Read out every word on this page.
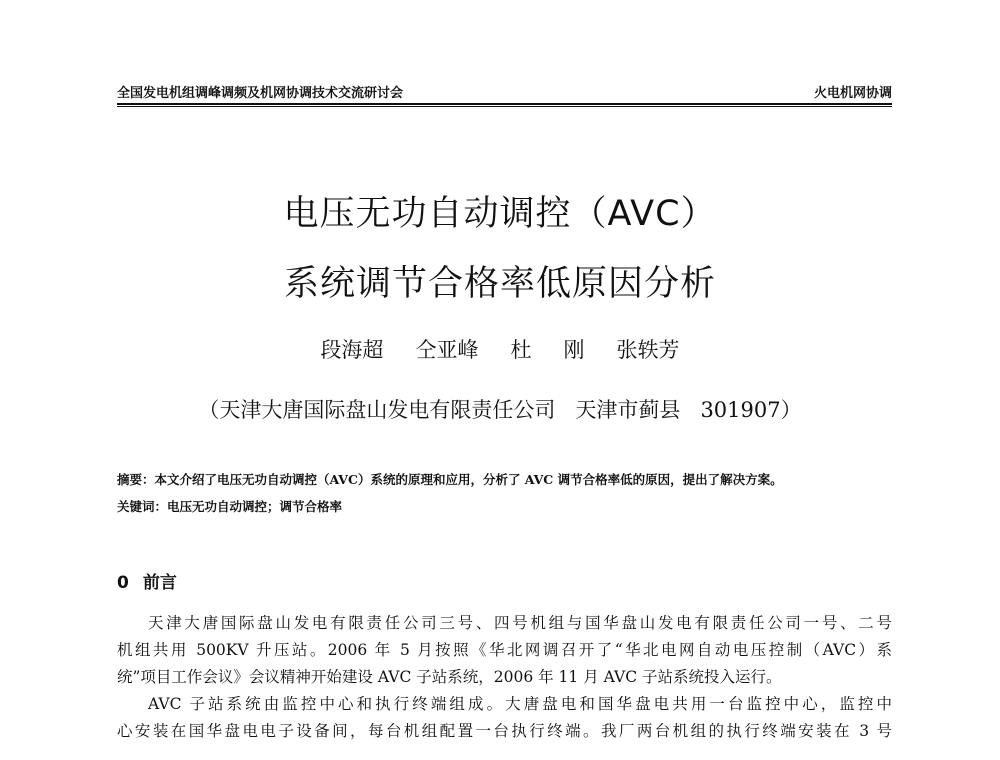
全国发电机组调峰调频及机网协调技术交流研讨会	火电机网协调
电压无功自动调控（AVC）
系统调节合格率低原因分析
段海超   仝亚峰   杜   刚   张轶芳
（天津大唐国际盘山发电有限责任公司   天津市蓟县   301907）
摘要：本文介绍了电压无功自动调控（AVC）系统的原理和应用，分析了 AVC 调节合格率低的原因，提出了解决方案。
关键词：电压无功自动调控；调节合格率
0 前言
天津大唐国际盘山发电有限责任公司三号、四号机组与国华盘山发电有限责任公司一号、二号
机组共用 500KV 升压站。2006 年 5 月按照《华北网调召开了“华北电网自动电压控制（AVC）系
统”项目工作会议》会议精神开始建设 AVC 子站系统，2006 年 11 月 AVC 子站系统投入运行。
AVC 子站系统由监控中心和执行终端组成。大唐盘电和国华盘电共用一台监控中心，监控中
心安装在国华盘电电子设备间，每台机组配置一台执行终端。我厂两台机组的执行终端安装在 3 号
